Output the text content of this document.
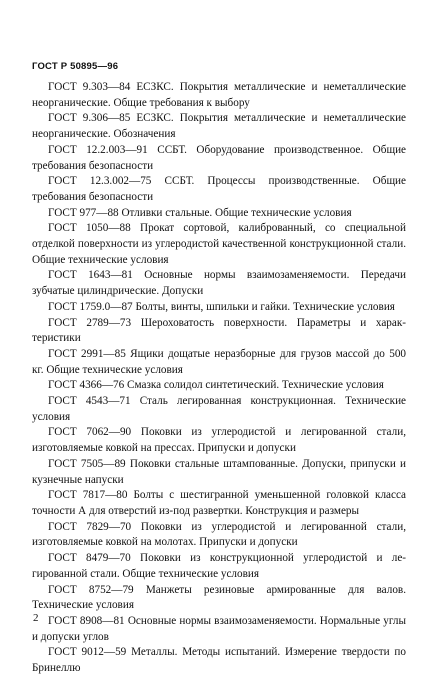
ГОСТ Р 50895—96

ГОСТ 9.303—84 ЕСЗКС. Покрытия металлические и неметаллические неорганические. Общие требования к выбору

ГОСТ 9.306—85 ЕСЗКС. Покрытия металлические и неметаллические неорганические. Обозначения

ГОСТ 12.2.003—91 ССБТ. Оборудование производственное. Общие требования безопасности

ГОСТ 12.3.002—75 ССБТ. Процессы производственные. Общие требования безопасности

ГОСТ 977—88 Отливки стальные. Общие технические условия

ГОСТ 1050—88 Прокат сортовой, калиброванный, со специальной отделкой поверхности из углеродистой качественной конструкционной стали. Общие технические условия

ГОСТ 1643—81 Основные нормы взаимозаменяемости. Передачи зубчатые цилиндрические. Допуски

ГОСТ 1759.0—87 Болты, винты, шпильки и гайки. Технические условия

ГОСТ 2789—73 Шероховатость поверхности. Параметры и характеристики

ГОСТ 2991—85 Ящики дощатые неразборные для грузов массой до 500 кг. Общие технические условия

ГОСТ 4366—76 Смазка солидол синтетический. Технические условия

ГОСТ 4543—71 Сталь легированная конструкционная. Технические условия

ГОСТ 7062—90 Поковки из углеродистой и легированной стали, изготовляемые ковкой на прессах. Припуски и допуски

ГОСТ 7505—89 Поковки стальные штампованные. Допуски, припуски и кузнечные напуски

ГОСТ 7817—80 Болты с шестигранной уменьшенной головкой класса точности А для отверстий из-под развертки. Конструкция и размеры

ГОСТ 7829—70 Поковки из углеродистой и легированной стали, изготовляемые ковкой на молотах. Припуски и допуски

ГОСТ 8479—70 Поковки из конструкционной углеродистой и легированной стали. Общие технические условия

ГОСТ 8752—79 Манжеты резиновые армированные для валов. Технические условия

ГОСТ 8908—81 Основные нормы взаимозаменяемости. Нормальные углы и допуски углов

ГОСТ 9012—59 Металлы. Методы испытаний. Измерение твердости по Бринеллю

2
